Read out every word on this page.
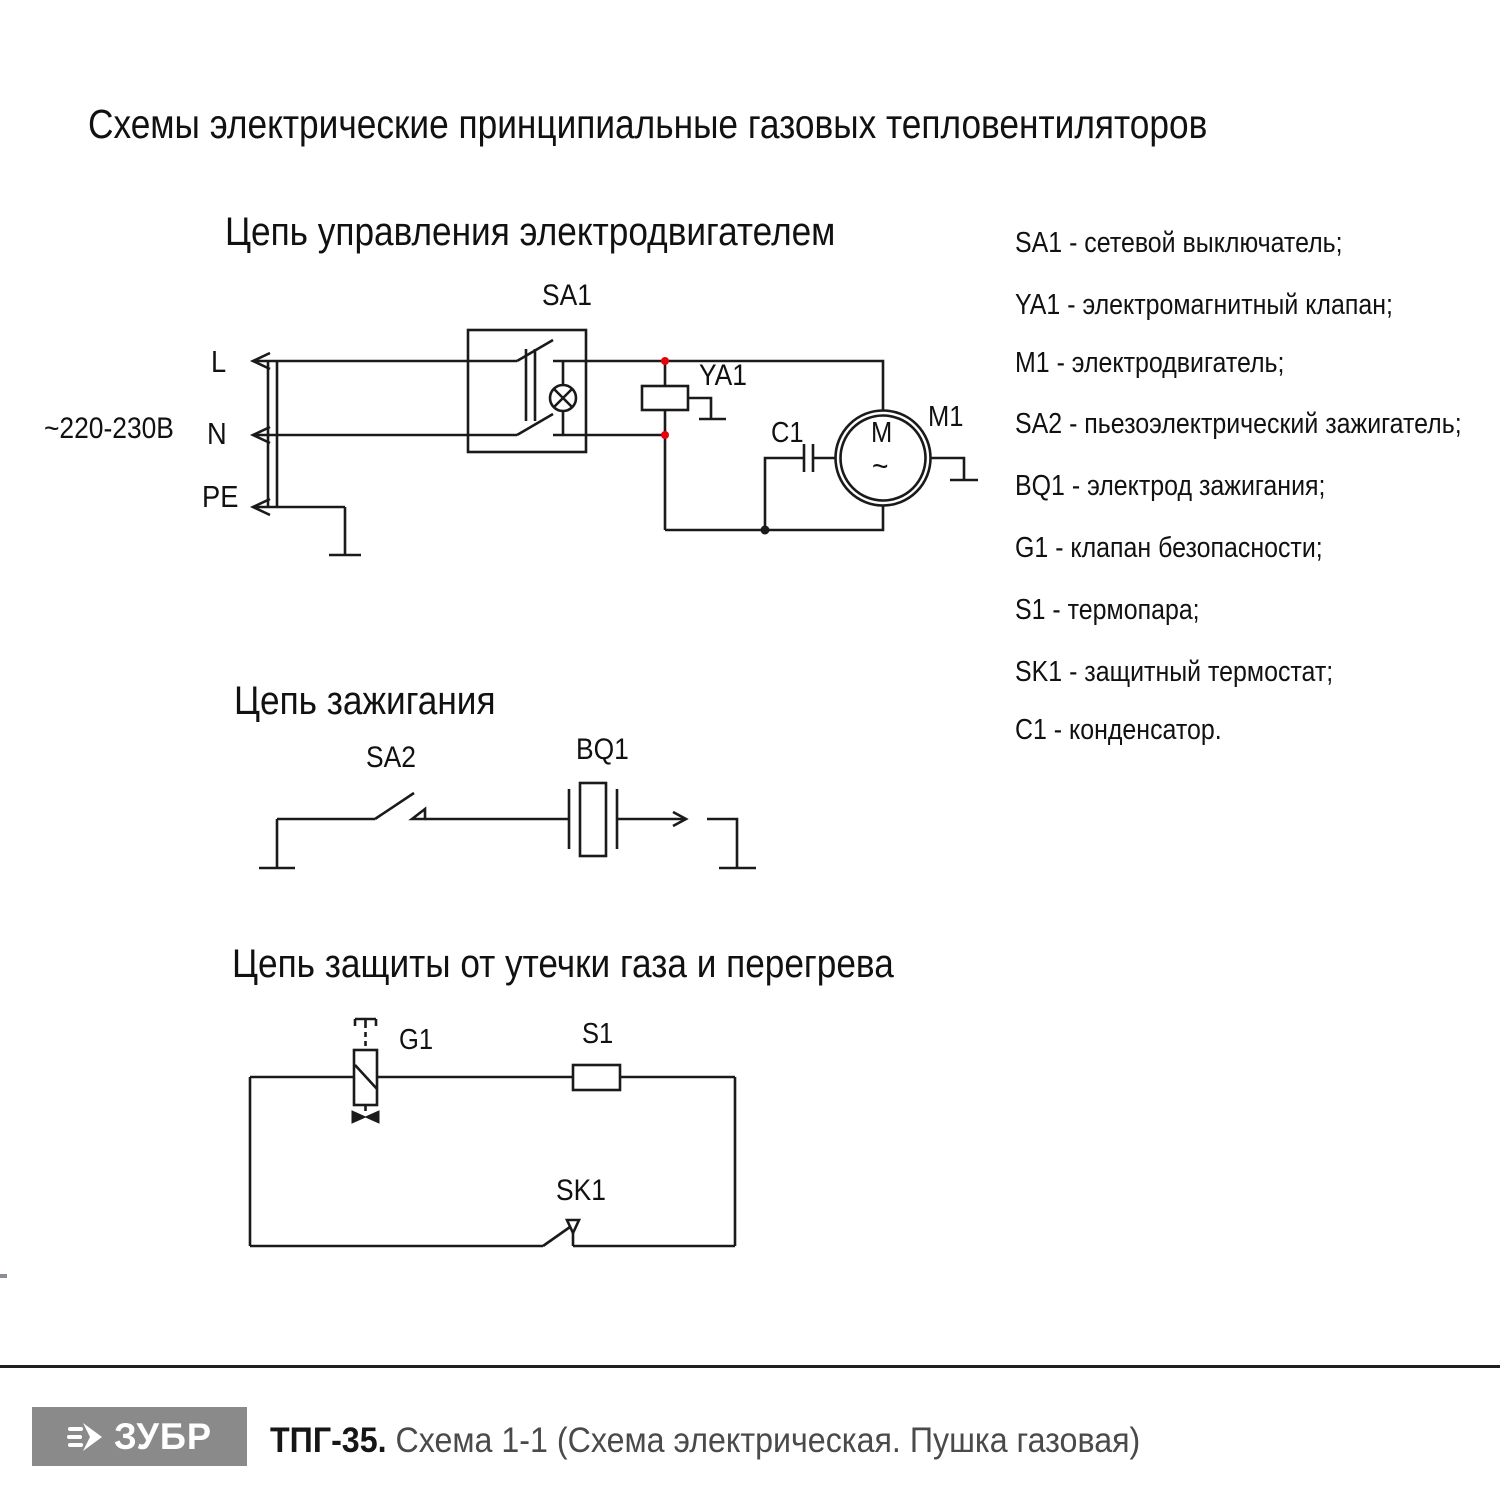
Схемы электрические принципиальные газовых тепловентиляторов
Цепь управления электродвигателем
SA1
~220-230В
L
N
PE
YA1
C1	M1
M
~
Цепь зажигания
SA2	BQ1
Цепь защиты от утечки газа и перегрева
G1	S1
SK1
SA1 - сетевой выключатель;
YA1 - электромагнитный клапан;
M1 - электродвигатель;
SA2 - пьезоэлектрический зажигатель;
BQ1 - электрод зажигания;
G1 - клапан безопасности;
S1 - термопара;
SK1 - защитный термостат;
C1 - конденсатор.
ЗУБР ТПГ-35. Схема 1-1 (Схема электрическая. Пушка газовая)
